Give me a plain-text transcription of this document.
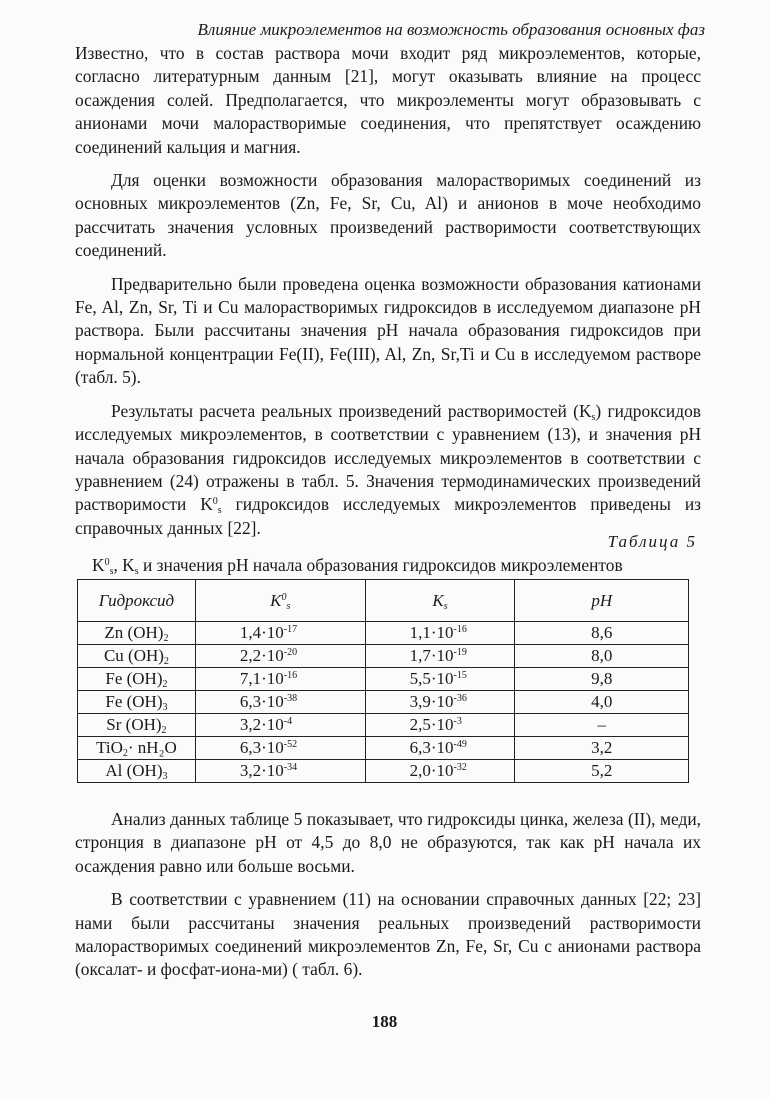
Влияние микроэлементов на возможность образования основных фаз

Известно, что в состав раствора мочи входит ряд микроэлементов, которые, согласно литературным данным [21], могут оказывать влияние на процесс осаждения солей. Предполагается, что микроэлементы могут образовывать с анионами мочи малорастворимые соединения, что препятствует осаждению соединений кальция и магния.

Для оценки возможности образования малорастворимых соединений из основных микроэлементов (Zn, Fe, Sr, Cu, Al) и анионов в моче необходимо рассчитать значения условных произведений растворимости соответствующих соединений.

Предварительно были проведена оценка возможности образования катионами Fe, Al, Zn, Sr, Ti и Cu малорастворимых гидроксидов в исследуемом диапазоне pH раствора. Были рассчитаны значения pH начала образования гидроксидов при нормальной концентрации Fe(II), Fe(III), Al, Zn, Sr,Ti и Cu в исследуемом растворе (табл. 5).

Результаты расчета реальных произведений растворимостей $(K_s)$ гидроксидов исследуемых микроэлементов, в соответствии с уравнением (13), и значения pH начала образования гидроксидов исследуемых микроэлементов в соответствии с уравнением (24) отражены в табл. 5. Значения термодинамических произведений растворимости $K^0_s$ гидроксидов исследуемых микроэлементов приведены из справочных данных [22].

Таблица 5
$K^0_s$, $K_s$ и значения pH начала образования гидроксидов микроэлементов
Гидроксид	$K^0_s$	$K_s$	pH
Zn $(OH)_2$	$1,4\cdot 10^{-17}$	$1,1\cdot 10^{-16}$	8,6
Cu $(OH)_2$	$2,2\cdot 10^{-20}$	$1,7\cdot 10^{-19}$	8,0
Fe $(OH)_2$	$7,1\cdot 10^{-16}$	$5,5\cdot 10^{-15}$	9,8
Fe $(OH)_3$	$6,3\cdot 10^{-38}$	$3,9\cdot 10^{-36}$	4,0
Sr $(OH)_2$	$3,2\cdot 10^{-4}$	$2,5\cdot 10^{-3}$	–
TiO$_2$· nH₂O	$6,3\cdot 10^{-52}$	$6,3\cdot 10^{-49}$	3,2
Al $(OH)_3$	$3,2\cdot 10^{-34}$	$2,0\cdot 10^{-32}$	5,2

Анализ данных таблице 5 показывает, что гидроксиды цинка, железа (II), меди, стронция в диапазоне pH от 4,5 до 8,0 не образуются, так как pH начала их осаждения равно или больше восьми.

В соответствии с уравнением (11) на основании справочных данных [22; 23] нами были рассчитаны значения реальных произведений растворимости малорастворимых соединений микроэлементов Zn, Fe, Sr, Cu с анионами раствора (оксалат- и фосфат-иона-ми) ( табл. 6).

188
